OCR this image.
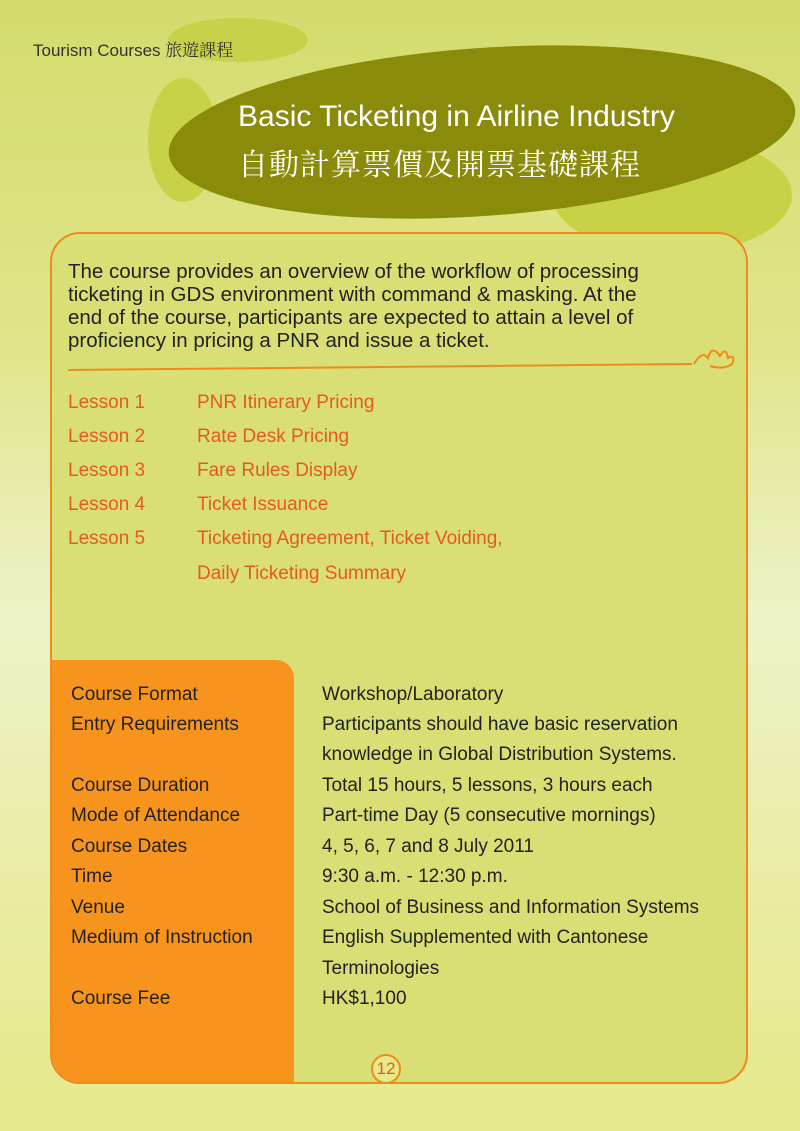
Tourism Courses 旅遊課程
Basic Ticketing in Airline Industry
自動計算票價及開票基礎課程
The course provides an overview of the workflow of processing
ticketing in GDS environment with command & masking. At the
end of the course, participants are expected to attain a level of
proficiency in pricing a PNR and issue a ticket.
Lesson 1	PNR Itinerary Pricing
Lesson 2	Rate Desk Pricing
Lesson 3	Fare Rules Display
Lesson 4	Ticket Issuance
Lesson 5	Ticketing Agreement, Ticket Voiding,
Daily Ticketing Summary
Course Format	Workshop/Laboratory
Entry Requirements	Participants should have basic reservation
knowledge in Global Distribution Systems.
Course Duration	Total 15 hours, 5 lessons, 3 hours each
Mode of Attendance	Part-time Day (5 consecutive mornings)
Course Dates	4, 5, 6, 7 and 8 July 2011
Time	9:30 a.m. - 12:30 p.m.
Venue	School of Business and Information Systems
Medium of Instruction	English Supplemented with Cantonese
Terminologies
Course Fee	HK$1,100
12
